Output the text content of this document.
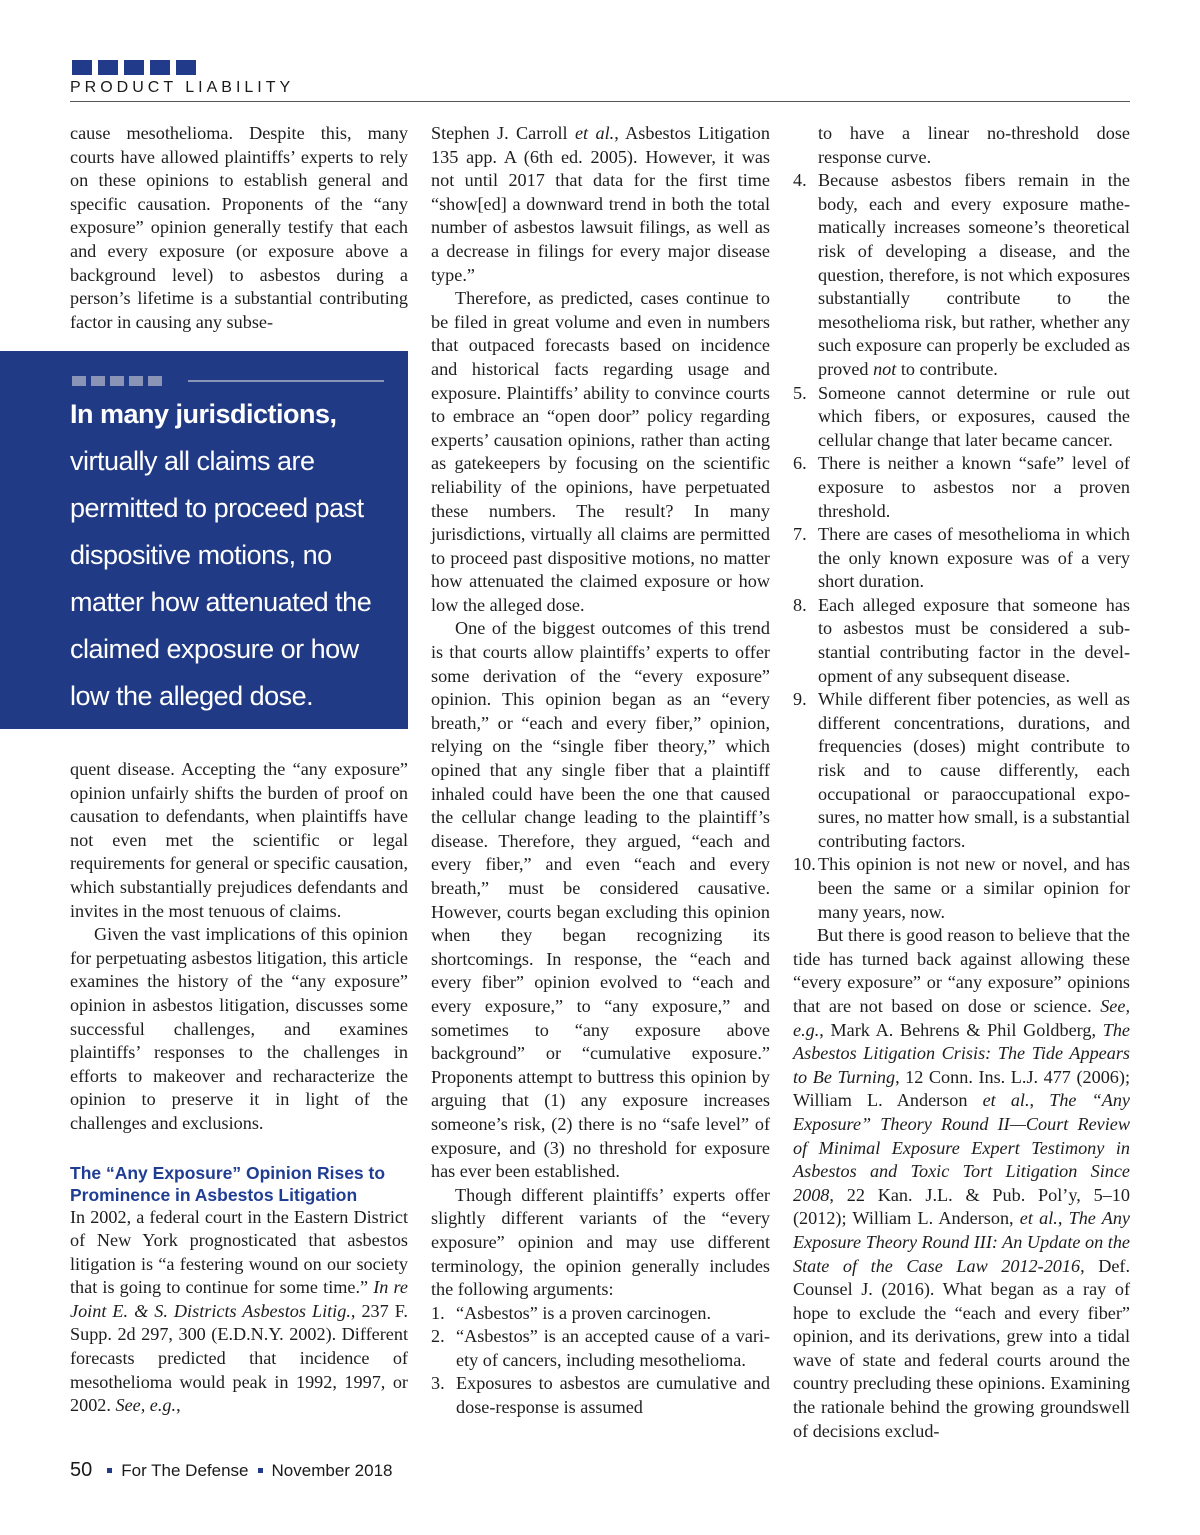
PRODUCT LIABILITY

cause mesothelioma. Despite this, many courts have allowed plaintiffs’ experts to rely on these opinions to establish general and specific causation. Proponents of the “any exposure” opinion generally testify that each and every exposure (or exposure above a background level) to asbestos during a person’s lifetime is a substantial contributing factor in causing any subse-

In many jurisdictions, virtually all claims are permitted to proceed past dispositive motions, no matter how attenuated the claimed exposure or how low the alleged dose.

quent disease. Accepting the “any exposure” opinion unfairly shifts the burden of proof on causation to defendants, when plaintiffs have not even met the scientific or legal requirements for general or specific causation, which substantially prejudices defendants and invites in the most tenuous of claims.

Given the vast implications of this opinion for perpetuating asbestos litigation, this article examines the history of the “any exposure” opinion in asbestos litigation, discusses some successful challenges, and examines plaintiffs’ responses to the challenges in efforts to makeover and recharacterize the opinion to preserve it in light of the challenges and exclusions.

The “Any Exposure” Opinion Rises to Prominence in Asbestos Litigation

In 2002, a federal court in the Eastern District of New York prognosticated that asbestos litigation is “a festering wound on our society that is going to continue for some time.” In re Joint E. & S. Districts Asbestos Litig., 237 F. Supp. 2d 297, 300 (E.D.N.Y. 2002). Different forecasts predicted that incidence of mesothelioma would peak in 1992, 1997, or 2002. See, e.g.,

Stephen J. Carroll et al., Asbestos Litigation 135 app. A (6th ed. 2005). However, it was not until 2017 that data for the first time “show[ed] a downward trend in both the total number of asbestos lawsuit filings, as well as a decrease in filings for every major disease type.”

Therefore, as predicted, cases continue to be filed in great volume and even in numbers that outpaced forecasts based on incidence and historical facts regarding usage and exposure. Plaintiffs’ ability to convince courts to embrace an “open door” policy regarding experts’ causation opinions, rather than acting as gatekeepers by focusing on the scientific reliability of the opinions, have perpetuated these numbers. The result? In many jurisdictions, virtually all claims are permitted to proceed past dispositive motions, no matter how attenuated the claimed exposure or how low the alleged dose.

One of the biggest outcomes of this trend is that courts allow plaintiffs’ experts to offer some derivation of the “every exposure” opinion. This opinion began as an “every breath,” or “each and every fiber,” opinion, relying on the “single fiber theory,” which opined that any single fiber that a plaintiff inhaled could have been the one that caused the cellular change leading to the plaintiff’s disease. Therefore, they argued, “each and every fiber,” and even “each and every breath,” must be considered causative. However, courts began excluding this opinion when they began recognizing its shortcomings. In response, the “each and every fiber” opinion evolved to “each and every exposure,” to “any exposure,” and sometimes to “any exposure above background” or “cumulative exposure.” Proponents attempt to buttress this opinion by arguing that (1) any exposure increases someone’s risk, (2) there is no “safe level” of exposure, and (3) no threshold for exposure has ever been established.

Though different plaintiffs’ experts offer slightly different variants of the “every exposure” opinion and may use different terminology, the opinion generally includes the following arguments:

1. “Asbestos” is a proven carcinogen.
2. “Asbestos” is an accepted cause of a variety of cancers, including mesothelioma.
3. Exposures to asbestos are cumulative and dose-response is assumed
to have a linear no-threshold dose response curve.
4. Because asbestos fibers remain in the body, each and every exposure mathematically increases someone’s theoretical risk of developing a disease, and the question, therefore, is not which exposures substantially contribute to the mesothelioma risk, but rather, whether any such exposure can properly be excluded as proved not to contribute.
5. Someone cannot determine or rule out which fibers, or exposures, caused the cellular change that later became cancer.
6. There is neither a known “safe” level of exposure to asbestos nor a proven threshold.
7. There are cases of mesothelioma in which the only known exposure was of a very short duration.
8. Each alleged exposure that someone has to asbestos must be considered a substantial contributing factor in the development of any subsequent disease.
9. While different fiber potencies, as well as different concentrations, durations, and frequencies (doses) might contribute to risk and to cause differently, each occupational or paraoccupational exposures, no matter how small, is a substantial contributing factors.
10. This opinion is not new or novel, and has been the same or a similar opinion for many years, now.

But there is good reason to believe that the tide has turned back against allowing these “every exposure” or “any exposure” opinions that are not based on dose or science. See, e.g., Mark A. Behrens & Phil Goldberg, The Asbestos Litigation Crisis: The Tide Appears to Be Turning, 12 Conn. Ins. L.J. 477 (2006); William L. Anderson et al., The “Any Exposure” Theory Round II—Court Review of Minimal Exposure Expert Testimony in Asbestos and Toxic Tort Litigation Since 2008, 22 Kan. J.L. & Pub. Pol’y, 5–10 (2012); William L. Anderson, et al., The Any Exposure Theory Round III: An Update on the State of the Case Law 2012-2016, Def. Counsel J. (2016). What began as a ray of hope to exclude the “each and every fiber” opinion, and its derivations, grew into a tidal wave of state and federal courts around the country precluding these opinions. Examining the rationale behind the growing groundswell of decisions exclud-

50 For The Defense November 2018
